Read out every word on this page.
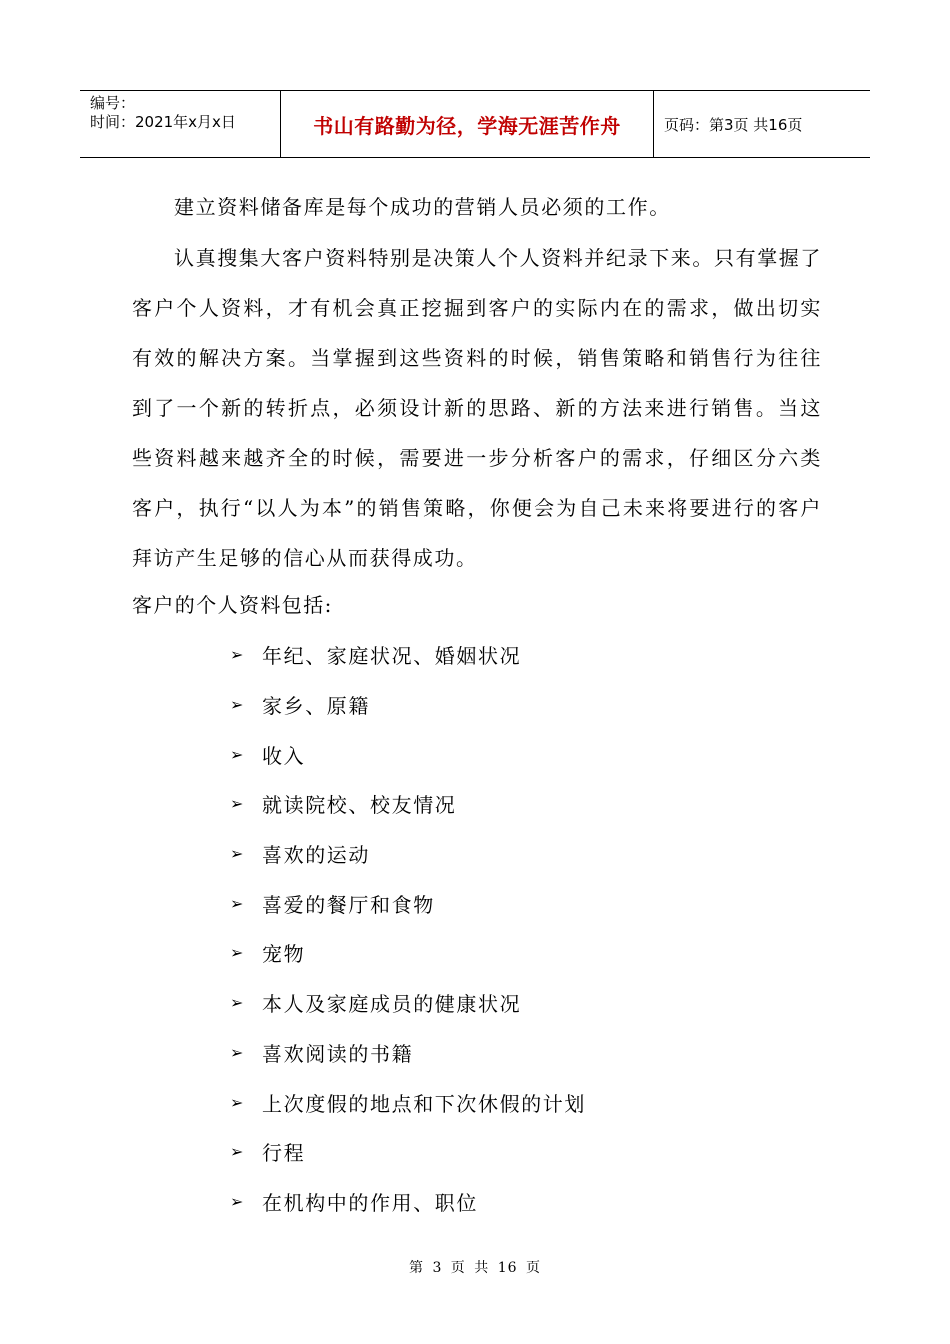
编号：
时间：2021年x月x日	书山有路勤为径，学海无涯苦作舟	页码：第3页 共16页

建立资料储备库是每个成功的营销人员必须的工作。

认真搜集大客户资料特别是决策人个人资料并纪录下来。只有掌握了客户个人资料，才有机会真正挖掘到客户的实际内在的需求，做出切实有效的解决方案。当掌握到这些资料的时候，销售策略和销售行为往往到了一个新的转折点，必须设计新的思路、新的方法来进行销售。当这些资料越来越齐全的时候，需要进一步分析客户的需求，仔细区分六类客户，执行“以人为本”的销售策略，你便会为自己未来将要进行的客户拜访产生足够的信心从而获得成功。

客户的个人资料包括:

➢ 年纪、家庭状况、婚姻状况
➢ 家乡、原籍
➢ 收入
➢ 就读院校、校友情况
➢ 喜欢的运动
➢ 喜爱的餐厅和食物
➢ 宠物
➢ 本人及家庭成员的健康状况
➢ 喜欢阅读的书籍
➢ 上次度假的地点和下次休假的计划
➢ 行程
➢ 在机构中的作用、职位
第 3 页 共 16 页
